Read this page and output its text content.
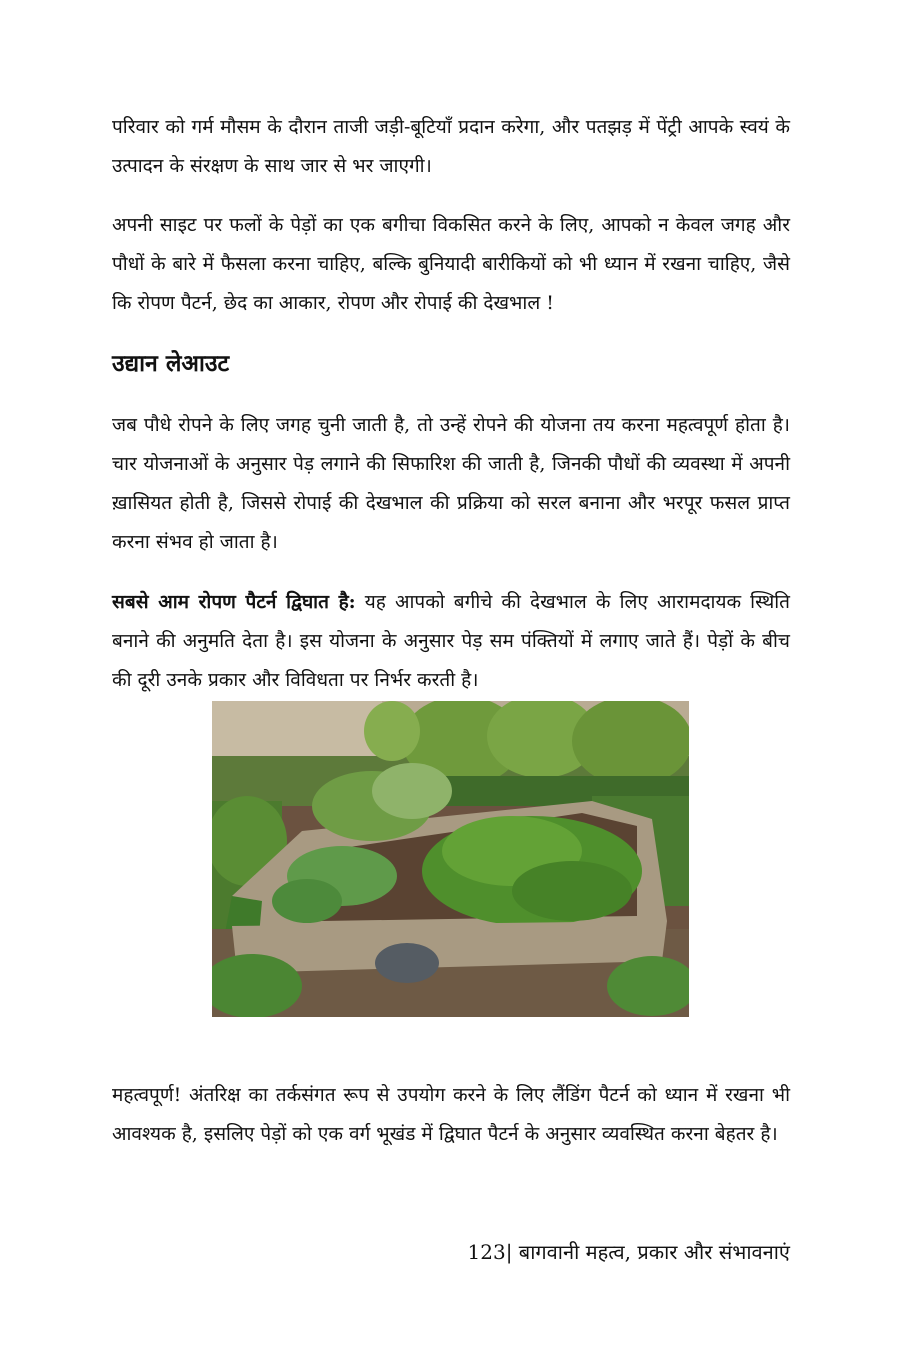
परिवार को गर्म मौसम के दौरान ताजी जड़ी-बूटियाँ प्रदान करेगा, और पतझड़ में पेंट्री आपके स्वयं के उत्पादन के संरक्षण के साथ जार से भर जाएगी।

अपनी साइट पर फलों के पेड़ों का एक बगीचा विकसित करने के लिए, आपको न केवल जगह और पौधों के बारे में फैसला करना चाहिए, बल्कि बुनियादी बारीकियों को भी ध्यान में रखना चाहिए, जैसे कि रोपण पैटर्न, छेद का आकार, रोपण और रोपाई की देखभाल !

उद्यान लेआउट

जब पौधे रोपने के लिए जगह चुनी जाती है, तो उन्हें रोपने की योजना तय करना महत्वपूर्ण होता है। चार योजनाओं के अनुसार पेड़ लगाने की सिफारिश की जाती है, जिनकी पौधों की व्यवस्था में अपनी ख़ासियत होती है, जिससे रोपाई की देखभाल की प्रक्रिया को सरल बनाना और भरपूर फसल प्राप्त करना संभव हो जाता है।

सबसे आम रोपण पैटर्न द्विघात है: यह आपको बगीचे की देखभाल के लिए आरामदायक स्थिति बनाने की अनुमति देता है। इस योजना के अनुसार पेड़ सम पंक्तियों में लगाए जाते हैं। पेड़ों के बीच की दूरी उनके प्रकार और विविधता पर निर्भर करती है।

महत्वपूर्ण! अंतरिक्ष का तर्कसंगत रूप से उपयोग करने के लिए लैंडिंग पैटर्न को ध्यान में रखना भी आवश्यक है, इसलिए पेड़ों को एक वर्ग भूखंड में द्विघात पैटर्न के अनुसार व्यवस्थित करना बेहतर है।

123| बागवानी महत्व, प्रकार और संभावनाएं
